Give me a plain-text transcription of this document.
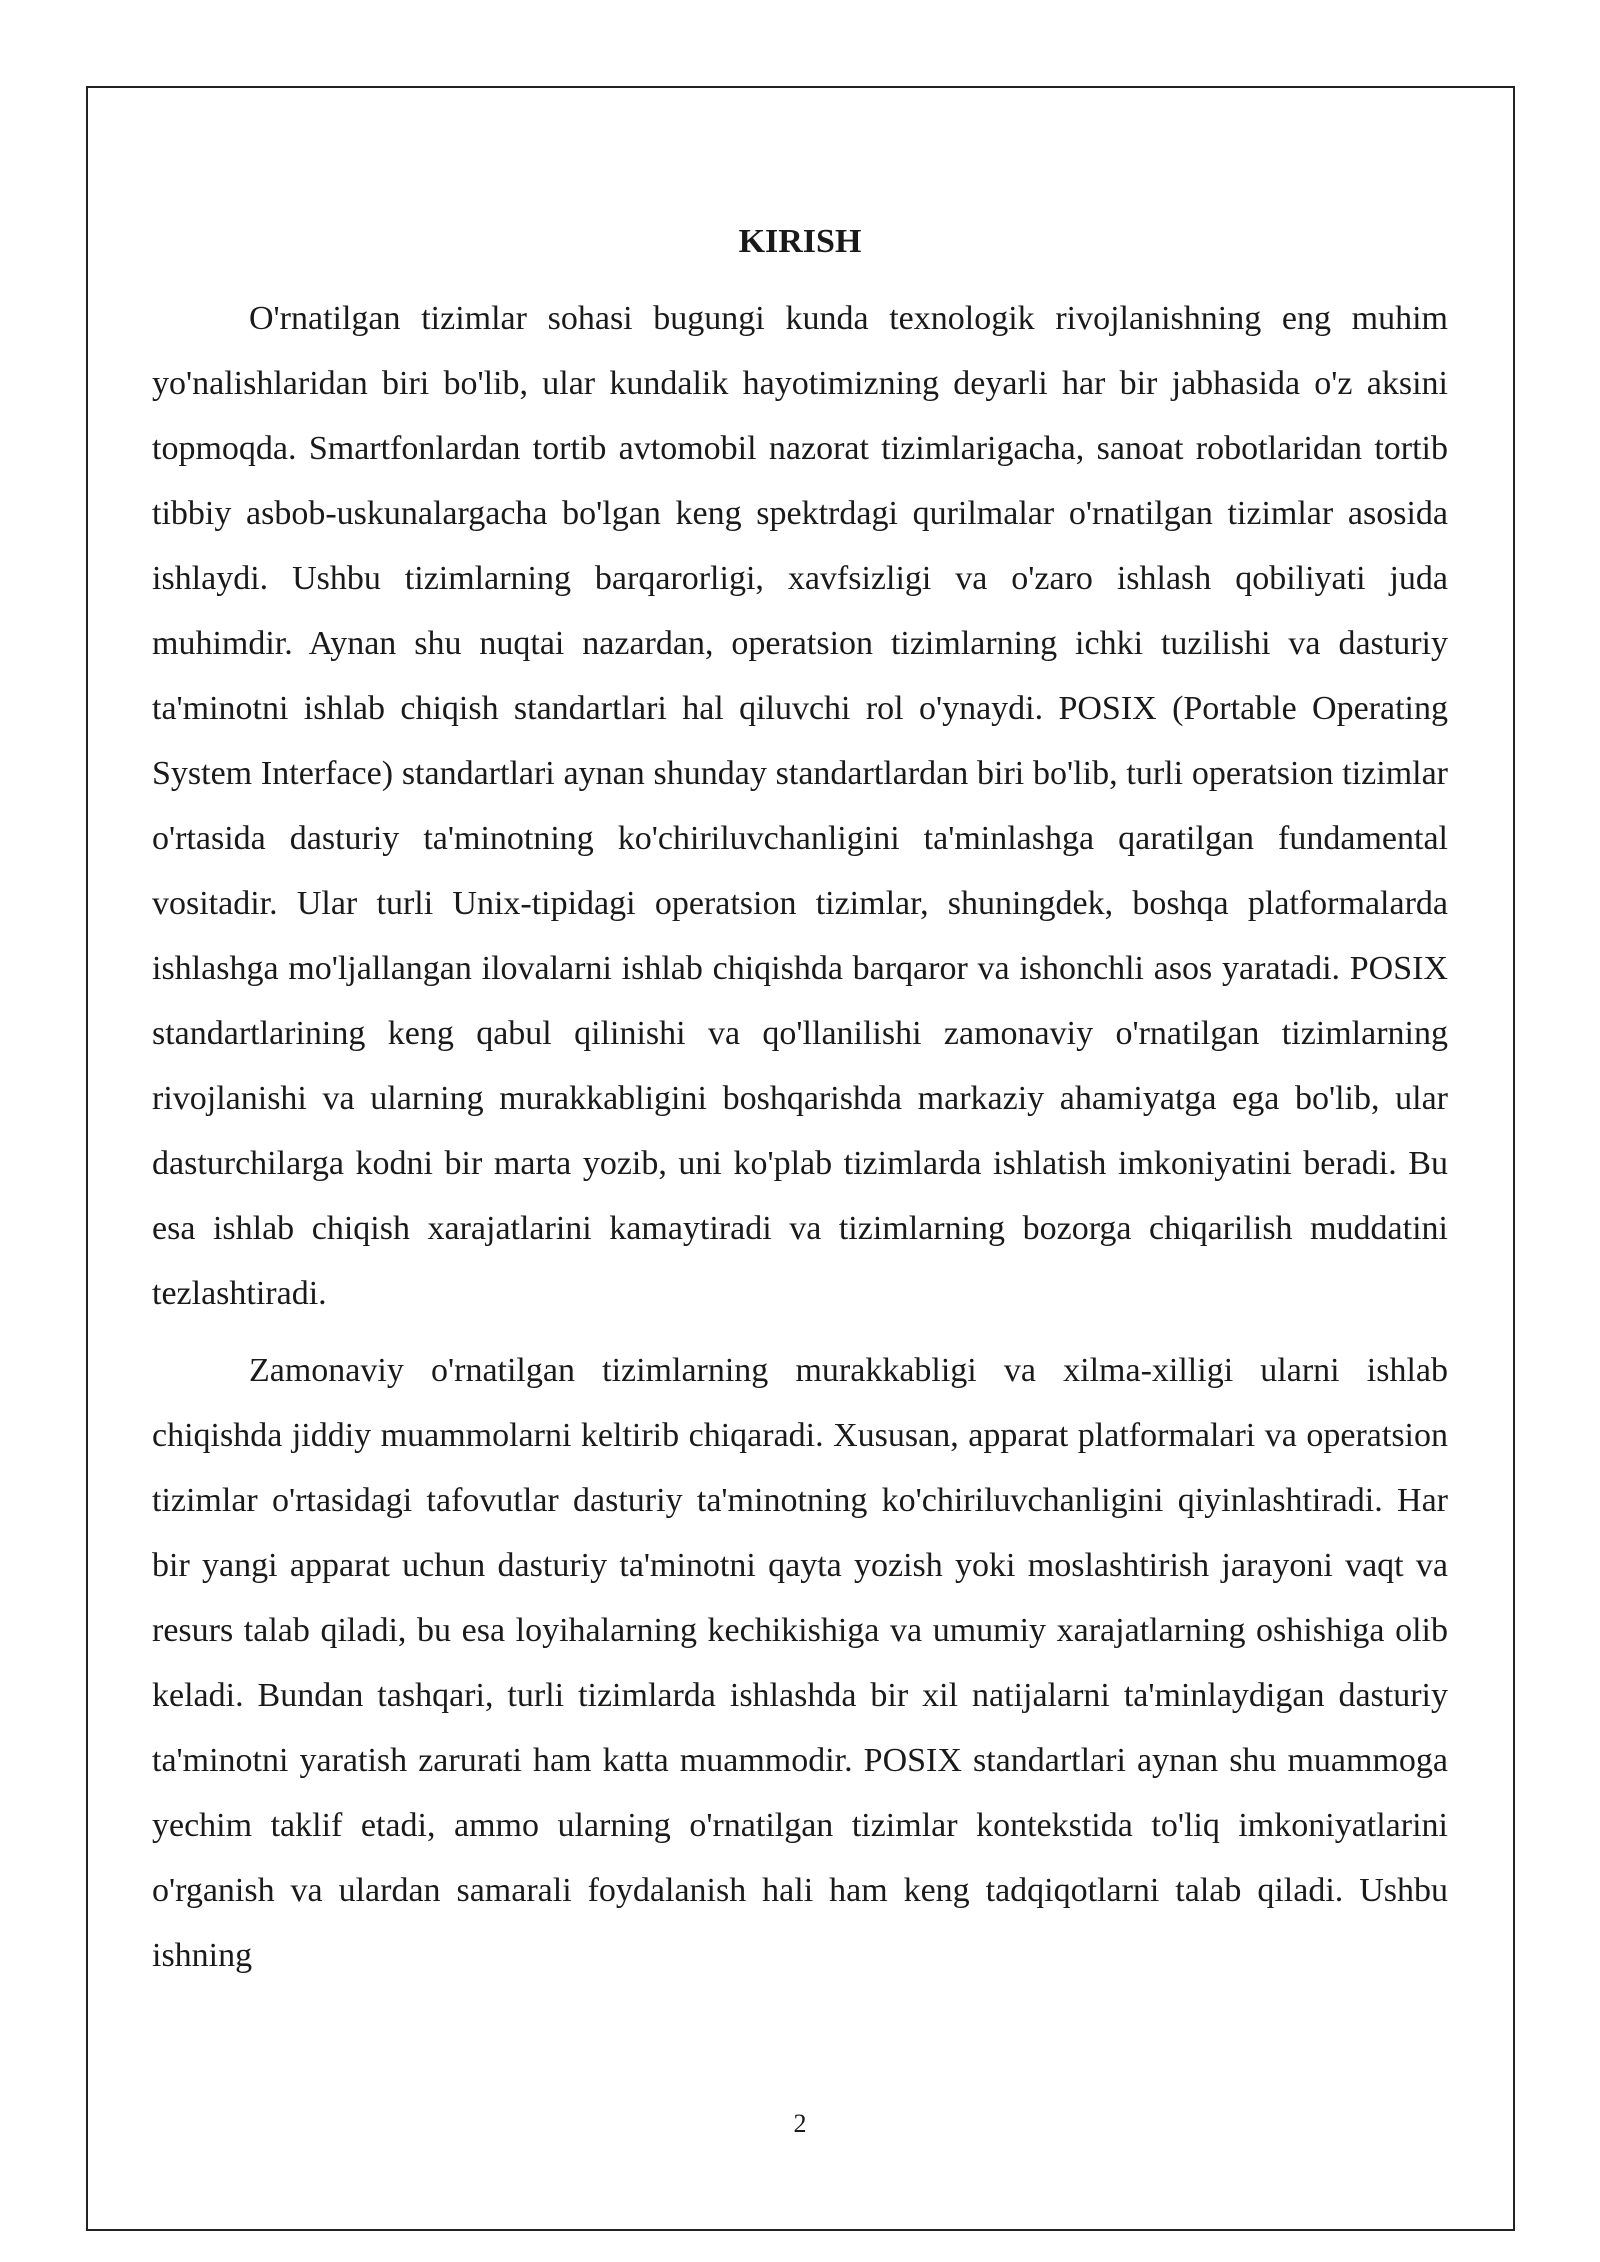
KIRISH

O'rnatilgan tizimlar sohasi bugungi kunda texnologik rivojlanishning eng muhim yo'nalishlaridan biri bo'lib, ular kundalik hayotimizning deyarli har bir jabhasida o'z aksini topmoqda. Smartfonlardan tortib avtomobil nazorat tizimlarigacha, sanoat robotlaridan tortib tibbiy asbob-uskunalargacha bo'lgan keng spektrdagi qurilmalar o'rnatilgan tizimlar asosida ishlaydi. Ushbu tizimlarning barqarorligi, xavfsizligi va o'zaro ishlash qobiliyati juda muhimdir. Aynan shu nuqtai nazardan, operatsion tizimlarning ichki tuzilishi va dasturiy ta'minotni ishlab chiqish standartlari hal qiluvchi rol o'ynaydi. POSIX (Portable Operating System Interface) standartlari aynan shunday standartlardan biri bo'lib, turli operatsion tizimlar o'rtasida dasturiy ta'minotning ko'chiriluvchanligini ta'minlashga qaratilgan fundamental vositadir. Ular turli Unix-tipidagi operatsion tizimlar, shuningdek, boshqa platformalarda ishlashga mo'ljallangan ilovalarni ishlab chiqishda barqaror va ishonchli asos yaratadi. POSIX standartlarining keng qabul qilinishi va qo'llanilishi zamonaviy o'rnatilgan tizimlarning rivojlanishi va ularning murakkabligini boshqarishda markaziy ahamiyatga ega bo'lib, ular dasturchilarga kodni bir marta yozib, uni ko'plab tizimlarda ishlatish imkoniyatini beradi. Bu esa ishlab chiqish xarajatlarini kamaytiradi va tizimlarning bozorga chiqarilish muddatini tezlashtiradi.

Zamonaviy o'rnatilgan tizimlarning murakkabligi va xilma-xilligi ularni ishlab chiqishda jiddiy muammolarni keltirib chiqaradi. Xususan, apparat platformalari va operatsion tizimlar o'rtasidagi tafovutlar dasturiy ta'minotning ko'chiriluvchanligini qiyinlashtiradi. Har bir yangi apparat uchun dasturiy ta'minotni qayta yozish yoki moslashtirish jarayoni vaqt va resurs talab qiladi, bu esa loyihalarning kechikishiga va umumiy xarajatlarning oshishiga olib keladi. Bundan tashqari, turli tizimlarda ishlashda bir xil natijalarni ta'minlaydigan dasturiy ta'minotni yaratish zarurati ham katta muammodir. POSIX standartlari aynan shu muammoga yechim taklif etadi, ammo ularning o'rnatilgan tizimlar kontekstida to'liq imkoniyatlarini o'rganish va ulardan samarali foydalanish hali ham keng tadqiqotlarni talab qiladi. Ushbu ishning

2
